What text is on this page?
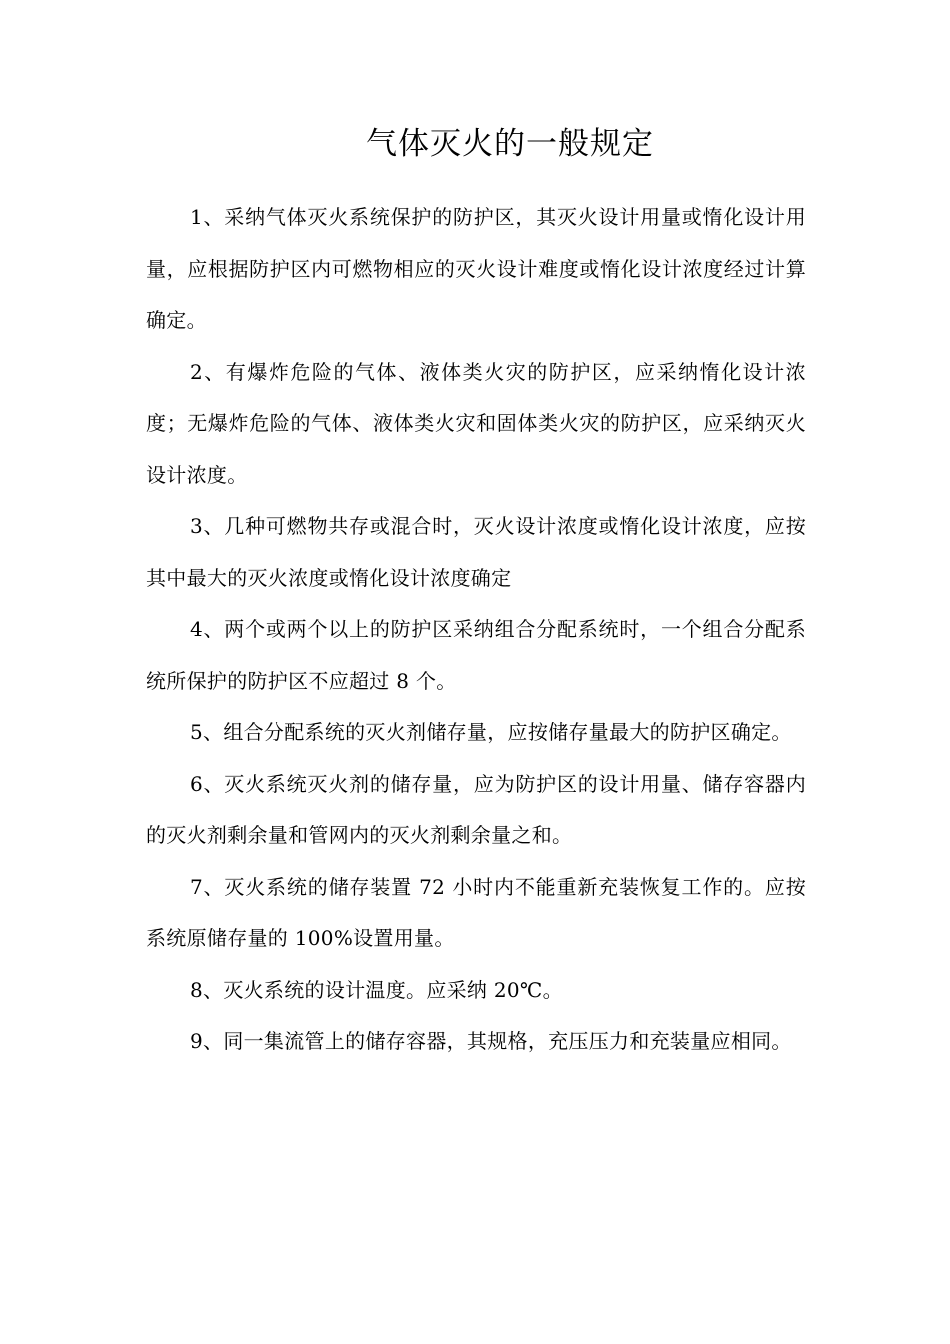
气体灭火的一般规定

1、采纳气体灭火系统保护的防护区，其灭火设计用量或惰化设计用量，应根据防护区内可燃物相应的灭火设计难度或惰化设计浓度经过计算确定。

2、有爆炸危险的气体、液体类火灾的防护区，应采纳惰化设计浓度；无爆炸危险的气体、液体类火灾和固体类火灾的防护区，应采纳灭火设计浓度。

3、几种可燃物共存或混合时，灭火设计浓度或惰化设计浓度，应按其中最大的灭火浓度或惰化设计浓度确定

4、两个或两个以上的防护区采纳组合分配系统时，一个组合分配系统所保护的防护区不应超过 8 个。

5、组合分配系统的灭火剂储存量，应按储存量最大的防护区确定。

6、灭火系统灭火剂的储存量，应为防护区的设计用量、储存容器内的灭火剂剩余量和管网内的灭火剂剩余量之和。

7、灭火系统的储存装置 72 小时内不能重新充装恢复工作的。应按系统原储存量的 100%设置用量。

8、灭火系统的设计温度。应采纳 20℃。

9、同一集流管上的储存容器，其规格，充压压力和充装量应相同。
